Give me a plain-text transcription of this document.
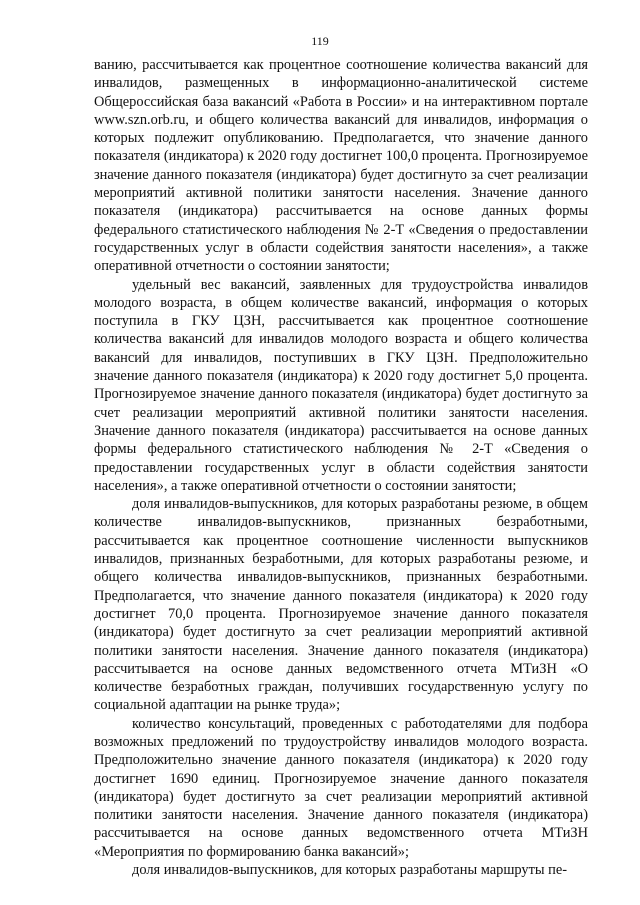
119

ванию, рассчитывается как процентное соотношение количества вакансий для инвалидов, размещенных в информационно-аналитической системе Общероссийская база вакансий «Работа в России» и на интерактивном портале www.szn.orb.ru, и общего количества вакансий для инвалидов, информация о которых подлежит опубликованию. Предполагается, что значение данного показателя (индикатора) к 2020 году достигнет 100,0 процента. Прогнозируемое значение данного показателя (индикатора) будет достигнуто за счет реализации мероприятий активной политики занятости населения. Значение данного показателя (индикатора) рассчитывается на основе данных формы федерального статистического наблюдения № 2-Т «Сведения о предоставлении государственных услуг в области содействия занятости населения», а также оперативной отчетности о состоянии занятости;

удельный вес вакансий, заявленных для трудоустройства инвалидов молодого возраста, в общем количестве вакансий, информация о которых поступила в ГКУ ЦЗН, рассчитывается как процентное соотношение количества вакансий для инвалидов молодого возраста и общего количества вакансий для инвалидов, поступивших в ГКУ ЦЗН. Предположительно значение данного показателя (индикатора) к 2020 году достигнет 5,0 процента. Прогнозируемое значение данного показателя (индикатора) будет достигнуто за счет реализации мероприятий активной политики занятости населения. Значение данного показателя (индикатора) рассчитывается на основе данных формы федерального статистического наблюдения № 2-Т «Сведения о предоставлении государственных услуг в области содействия занятости населения», а также оперативной отчетности о состоянии занятости;

доля инвалидов-выпускников, для которых разработаны резюме, в общем количестве инвалидов-выпускников, признанных безработными, рассчитывается как процентное соотношение численности выпускников инвалидов, признанных безработными, для которых разработаны резюме, и общего количества инвалидов-выпускников, признанных безработными. Предполагается, что значение данного показателя (индикатора) к 2020 году достигнет 70,0 процента. Прогнозируемое значение данного показателя (индикатора) будет достигнуто за счет реализации мероприятий активной политики занятости населения. Значение данного показателя (индикатора) рассчитывается на основе данных ведомственного отчета МТиЗН «О количестве безработных граждан, получивших государственную услугу по социальной адаптации на рынке труда»;

количество консультаций, проведенных с работодателями для подбора возможных предложений по трудоустройству инвалидов молодого возраста. Предположительно значение данного показателя (индикатора) к 2020 году достигнет 1690 единиц. Прогнозируемое значение данного показателя (индикатора) будет достигнуто за счет реализации мероприятий активной политики занятости населения. Значение данного показателя (индикатора) рассчитывается на основе данных ведомственного отчета МТиЗН «Мероприятия по формированию банка вакансий»;

доля инвалидов-выпускников, для которых разработаны маршруты пе-
